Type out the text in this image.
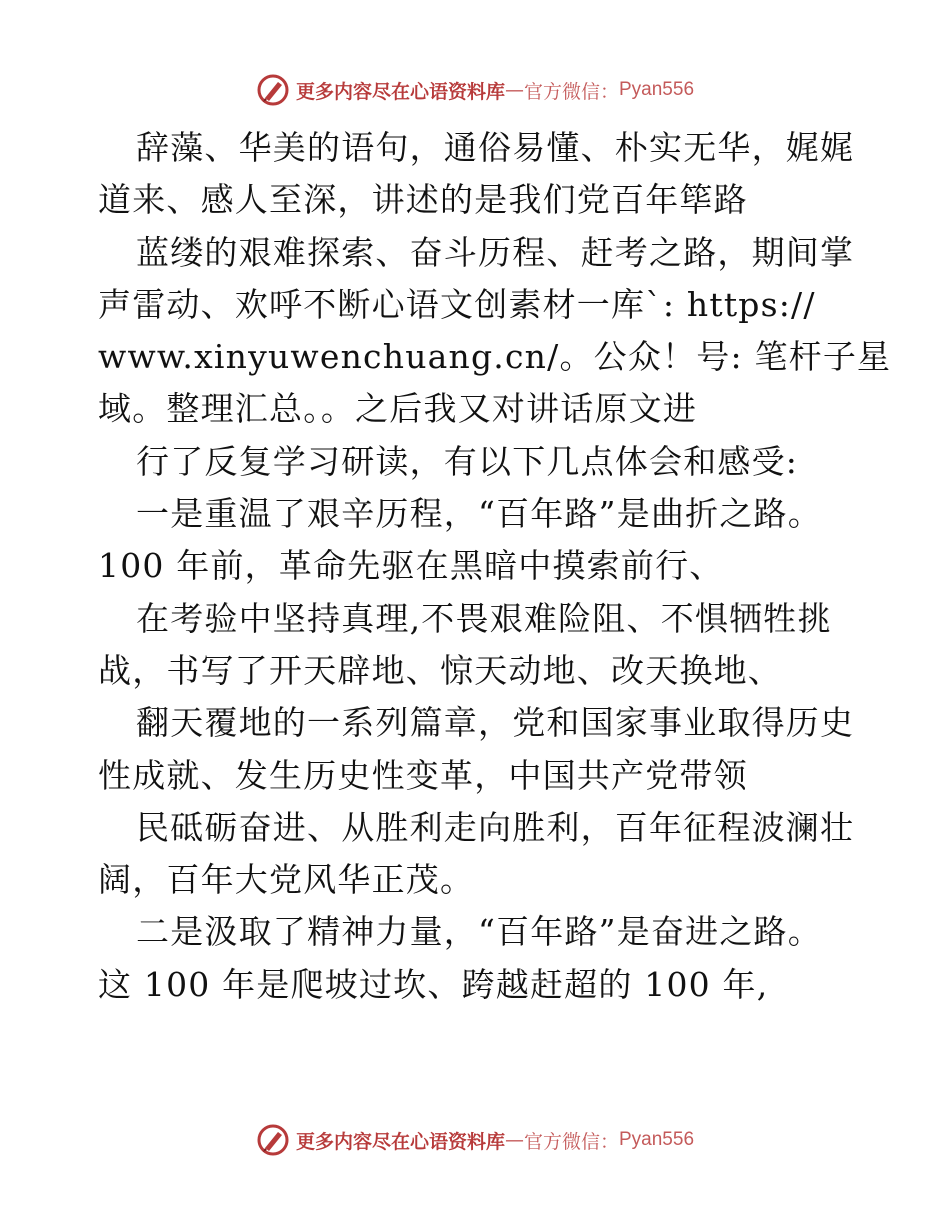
更多内容尽在心语资料库 — 官方微信： Pyan556
辞藻、华美的语句，通俗易懂、朴实无华，娓娓
道来、感人至深，讲述的是我们党百年筚路
蓝缕的艰难探索、奋斗历程、赶考之路，期间掌
声雷动、欢呼不断心语文创素材一库`: https://
www.xinyuwenchuang.cn/。公众！号: 笔杆子星
域。整理汇总。。之后我又对讲话原文进
行了反复学习研读，有以下几点体会和感受:
一是重温了艰辛历程，“百年路”是曲折之路。
100 年前，革命先驱在黑暗中摸索前行、
在考验中坚持真理,不畏艰难险阻、不惧牺牲挑
战，书写了开天辟地、惊天动地、改天换地、
翻天覆地的一系列篇章，党和国家事业取得历史
性成就、发生历史性变革，中国共产党带领
民砥砺奋进、从胜利走向胜利，百年征程波澜壮
阔，百年大党风华正茂。
二是汲取了精神力量，“百年路”是奋进之路。
这 100 年是爬坡过坎、跨越赶超的 100 年,
更多内容尽在心语资料库 — 官方微信： Pyan556
